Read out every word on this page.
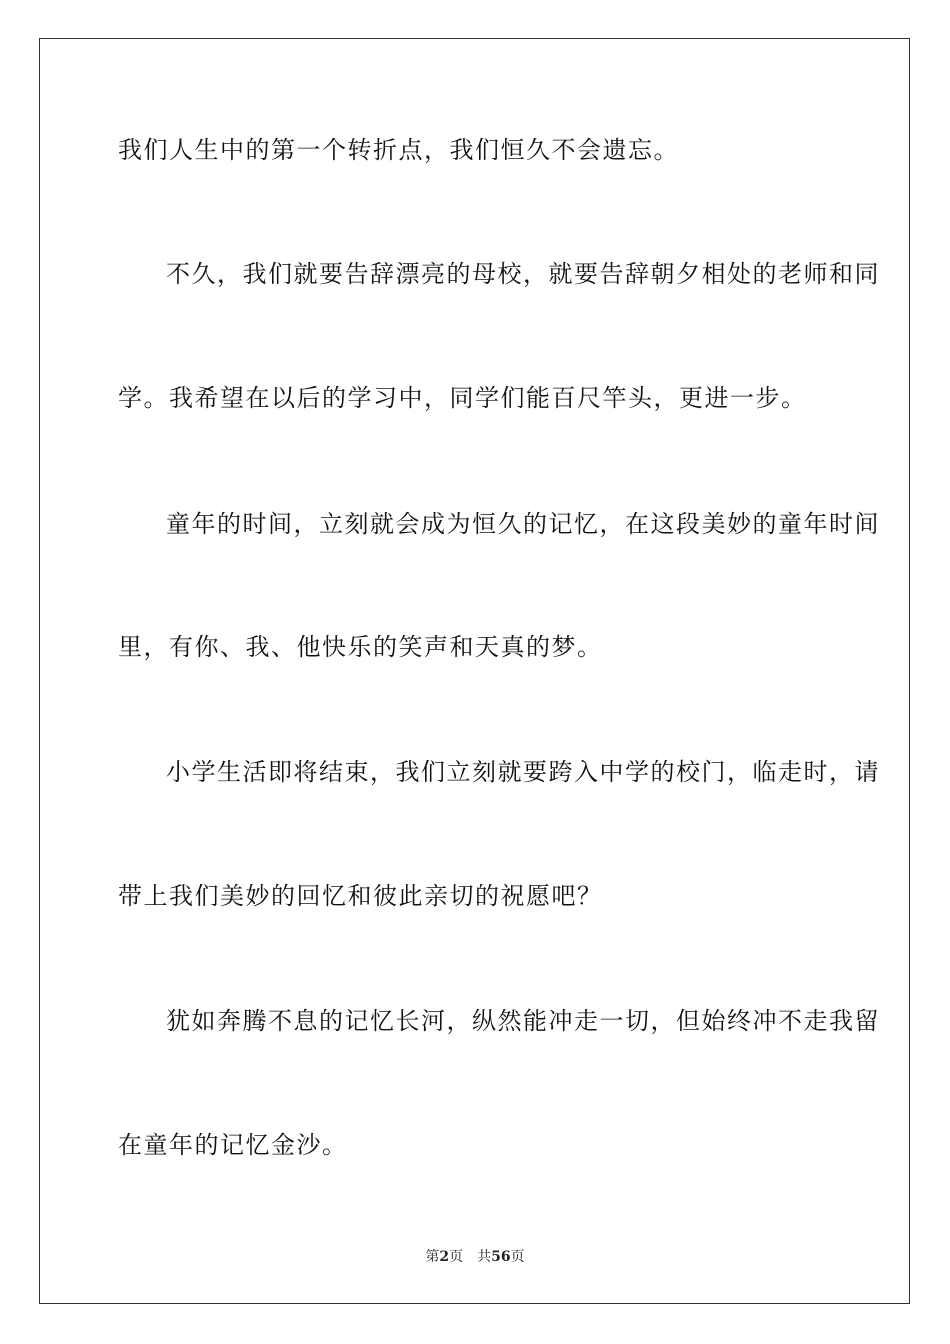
我们人生中的第一个转折点，我们恒久不会遗忘。
不久，我们就要告辞漂亮的母校，就要告辞朝夕相处的老师和同
学。我希望在以后的学习中，同学们能百尺竿头，更进一步。
童年的时间，立刻就会成为恒久的记忆，在这段美妙的童年时间
里，有你、我、他快乐的笑声和天真的梦。
小学生活即将结束，我们立刻就要跨入中学的校门，临走时，请
带上我们美妙的回忆和彼此亲切的祝愿吧？
犹如奔腾不息的记忆长河，纵然能冲走一切，但始终冲不走我留
在童年的记忆金沙。
第2页 共56页
